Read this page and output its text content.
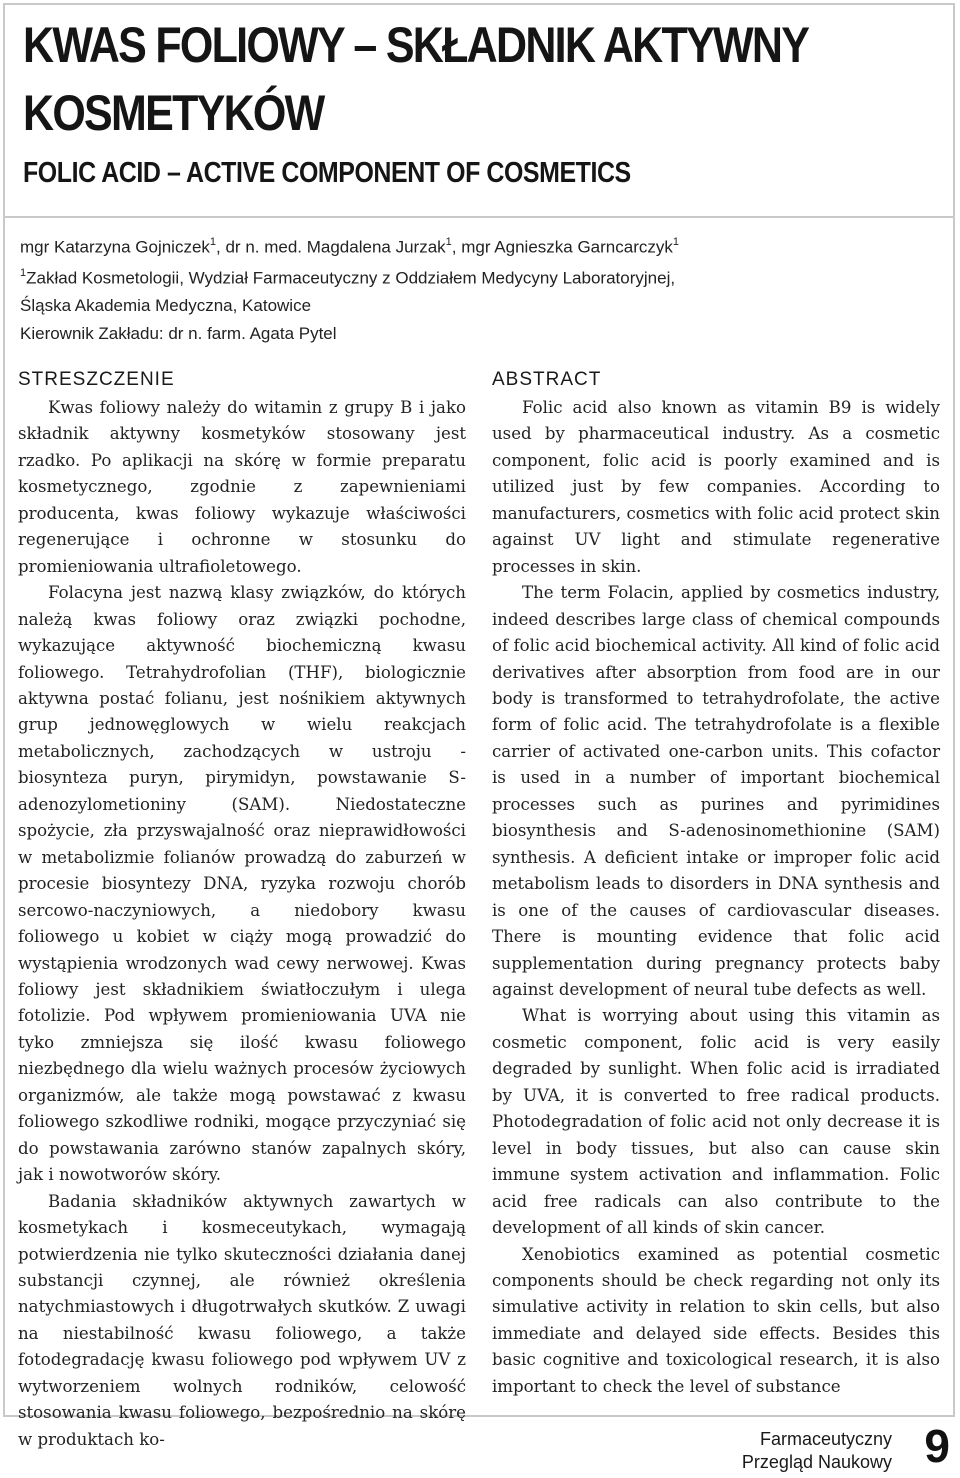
KWAS FOLIOWY – SKŁADNIK AKTYWNY
KOSMETYKÓW
FOLIC ACID – ACTIVE COMPONENT OF COSMETICS
mgr Katarzyna Gojniczek$^1$, dr n. med. Magdalena Jurzak$^1$, mgr Agnieszka Garncarczyk$^1$
$^1$Zakład Kosmetologii, Wydział Farmaceutyczny z Oddziałem Medycyny Laboratoryjnej,
Śląska Akademia Medyczna, Katowice
Kierownik Zakładu: dr n. farm. Agata Pytel
STRESZCZENIE

Kwas foliowy należy do witamin z grupy B i jako składnik aktywny kosmetyków stosowany jest rzadko. Po aplikacji na skórę w formie preparatu kosmetycznego, zgodnie z zapewnieniami producenta, kwas foliowy wykazuje właściwości regenerujące i ochronne w stosunku do promieniowania ultrafioletowego.

Folacyna jest nazwą klasy związków, do których należą kwas foliowy oraz związki pochodne, wykazujące aktywność biochemiczną kwasu foliowego. Tetrahydrofolian (THF), biologicznie aktywna postać folianu, jest nośnikiem aktywnych grup jednowęglowych w wielu reakcjach metabolicznych, zachodzących w ustroju - biosynteza puryn, pirymidyn, powstawanie S-adenozylometioniny (SAM). Niedostateczne spożycie, zła przyswajalność oraz nieprawidłowości w metabolizmie folianów prowadzą do zaburzeń w procesie biosyntezy DNA, ryzyka rozwoju chorób sercowo-naczyniowych, a niedobory kwasu foliowego u kobiet w ciąży mogą prowadzić do wystąpienia wrodzonych wad cewy nerwowej. Kwas foliowy jest składnikiem światłoczułym i ulega fotolizie. Pod wpływem promieniowania UVA nie tyko zmniejsza się ilość kwasu foliowego niezbędnego dla wielu ważnych procesów życiowych organizmów, ale także mogą powstawać z kwasu foliowego szkodliwe rodniki, mogące przyczyniać się do powstawania zarówno stanów zapalnych skóry, jak i nowotworów skóry.

Badania składników aktywnych zawartych w kosmetykach i kosmeceutykach, wymagają potwierdzenia nie tylko skuteczności działania danej substancji czynnej, ale również określenia natychmiastowych i długotrwałych skutków. Z uwagi na niestabilność kwasu foliowego, a także fotodegradację kwasu foliowego pod wpływem UV z wytworzeniem wolnych rodników, celowość stosowania kwasu foliowego, bezpośrednio na skórę w produktach ko-

ABSTRACT

Folic acid also known as vitamin B9 is widely used by pharmaceutical industry. As a cosmetic component, folic acid is poorly examined and is utilized just by few companies. According to manufacturers, cosmetics with folic acid protect skin against UV light and stimulate regenerative processes in skin.

The term Folacin, applied by cosmetics industry, indeed describes large class of chemical compounds of folic acid biochemical activity. All kind of folic acid derivatives after absorption from food are in our body is transformed to tetrahydrofolate, the active form of folic acid. The tetrahydrofolate is a flexible carrier of activated one-carbon units. This cofactor is used in a number of important biochemical processes such as purines and pyrimidines biosynthesis and S-adenosinomethionine (SAM) synthesis. A deficient intake or improper folic acid metabolism leads to disorders in DNA synthesis and is one of the causes of cardiovascular diseases. There is mounting evidence that folic acid supplementation during pregnancy protects baby against development of neural tube defects as well.

What is worrying about using this vitamin as cosmetic component, folic acid is very easily degraded by sunlight. When folic acid is irradiated by UVA, it is converted to free radical products. Photodegradation of folic acid not only decrease it is level in body tissues, but also can cause skin immune system activation and inflammation. Folic acid free radicals can also contribute to the development of all kinds of skin cancer.

Xenobiotics examined as potential cosmetic components should be check regarding not only its simulative activity in relation to skin cells, but also immediate and delayed side effects. Besides this basic cognitive and toxicological research, it is also important to check the level of substance

Farmaceutyczny
Przegląd Naukowy 9
